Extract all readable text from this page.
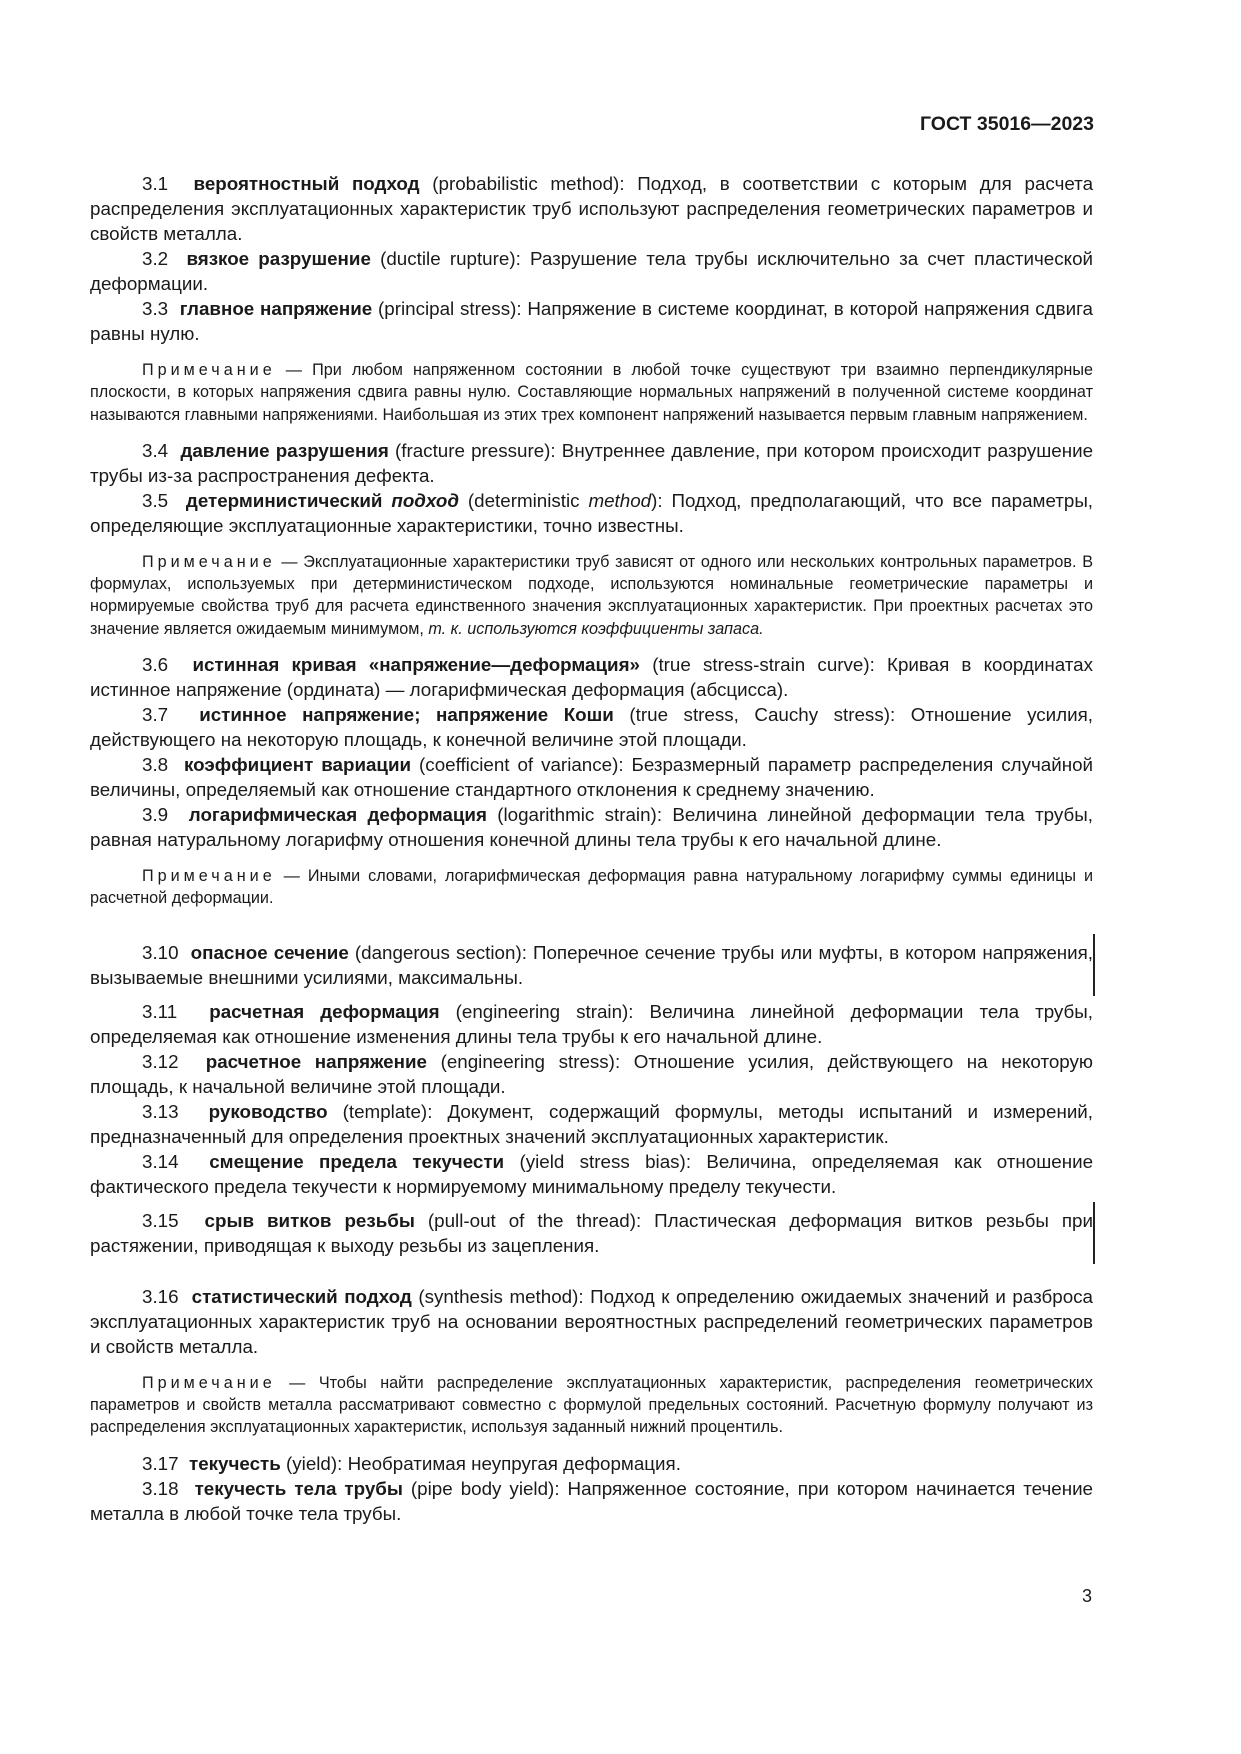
ГОСТ 35016—2023

3.1 вероятностный подход (probabilistic method): Подход, в соответствии с которым для расчета распределения эксплуатационных характеристик труб используют распределения геометрических параметров и свойств металла.

3.2 вязкое разрушение (ductile rupture): Разрушение тела трубы исключительно за счет пластической деформации.

3.3 главное напряжение (principal stress): Напряжение в системе координат, в которой напряжения сдвига равны нулю.

Примечание — При любом напряженном состоянии в любой точке существуют три взаимно перпендикулярные плоскости, в которых напряжения сдвига равны нулю. Составляющие нормальных напряжений в полученной системе координат называются главными напряжениями. Наибольшая из этих трех компонент напряжений называется первым главным напряжением.

3.4 давление разрушения (fracture pressure): Внутреннее давление, при котором происходит разрушение трубы из-за распространения дефекта.

3.5 детерминистический подход (deterministic method): Подход, предполагающий, что все параметры, определяющие эксплуатационные характеристики, точно известны.

Примечание — Эксплуатационные характеристики труб зависят от одного или нескольких контрольных параметров. В формулах, используемых при детерминистическом подходе, используются номинальные геометрические параметры и нормируемые свойства труб для расчета единственного значения эксплуатационных характеристик. При проектных расчетах это значение является ожидаемым минимумом, т. к. используются коэффициенты запаса.

3.6 истинная кривая «напряжение—деформация» (true stress-strain curve): Кривая в координатах истинное напряжение (ордината) — логарифмическая деформация (абсцисса).

3.7 истинное напряжение; напряжение Коши (true stress, Cauchy stress): Отношение усилия, действующего на некоторую площадь, к конечной величине этой площади.

3.8 коэффициент вариации (coefficient of variance): Безразмерный параметр распределения случайной величины, определяемый как отношение стандартного отклонения к среднему значению.

3.9 логарифмическая деформация (logarithmic strain): Величина линейной деформации тела трубы, равная натуральному логарифму отношения конечной длины тела трубы к его начальной длине.

Примечание — Иными словами, логарифмическая деформация равна натуральному логарифму суммы единицы и расчетной деформации.

3.10 опасное сечение (dangerous section): Поперечное сечение трубы или муфты, в котором напряжения, вызываемые внешними усилиями, максимальны.

3.11 расчетная деформация (engineering strain): Величина линейной деформации тела трубы, определяемая как отношение изменения длины тела трубы к его начальной длине.

3.12 расчетное напряжение (engineering stress): Отношение усилия, действующего на некоторую площадь, к начальной величине этой площади.

3.13 руководство (template): Документ, содержащий формулы, методы испытаний и измерений, предназначенный для определения проектных значений эксплуатационных характеристик.

3.14 смещение предела текучести (yield stress bias): Величина, определяемая как отношение фактического предела текучести к нормируемому минимальному пределу текучести.

3.15 срыв витков резьбы (pull-out of the thread): Пластическая деформация витков резьбы при растяжении, приводящая к выходу резьбы из зацепления.

3.16 статистический подход (synthesis method): Подход к определению ожидаемых значений и разброса эксплуатационных характеристик труб на основании вероятностных распределений геометрических параметров и свойств металла.

Примечание — Чтобы найти распределение эксплуатационных характеристик, распределения геометрических параметров и свойств металла рассматривают совместно с формулой предельных состояний. Расчетную формулу получают из распределения эксплуатационных характеристик, используя заданный нижний процентиль.

3.17 текучесть (yield): Необратимая неупругая деформация.

3.18 текучесть тела трубы (pipe body yield): Напряженное состояние, при котором начинается течение металла в любой точке тела трубы.

3
